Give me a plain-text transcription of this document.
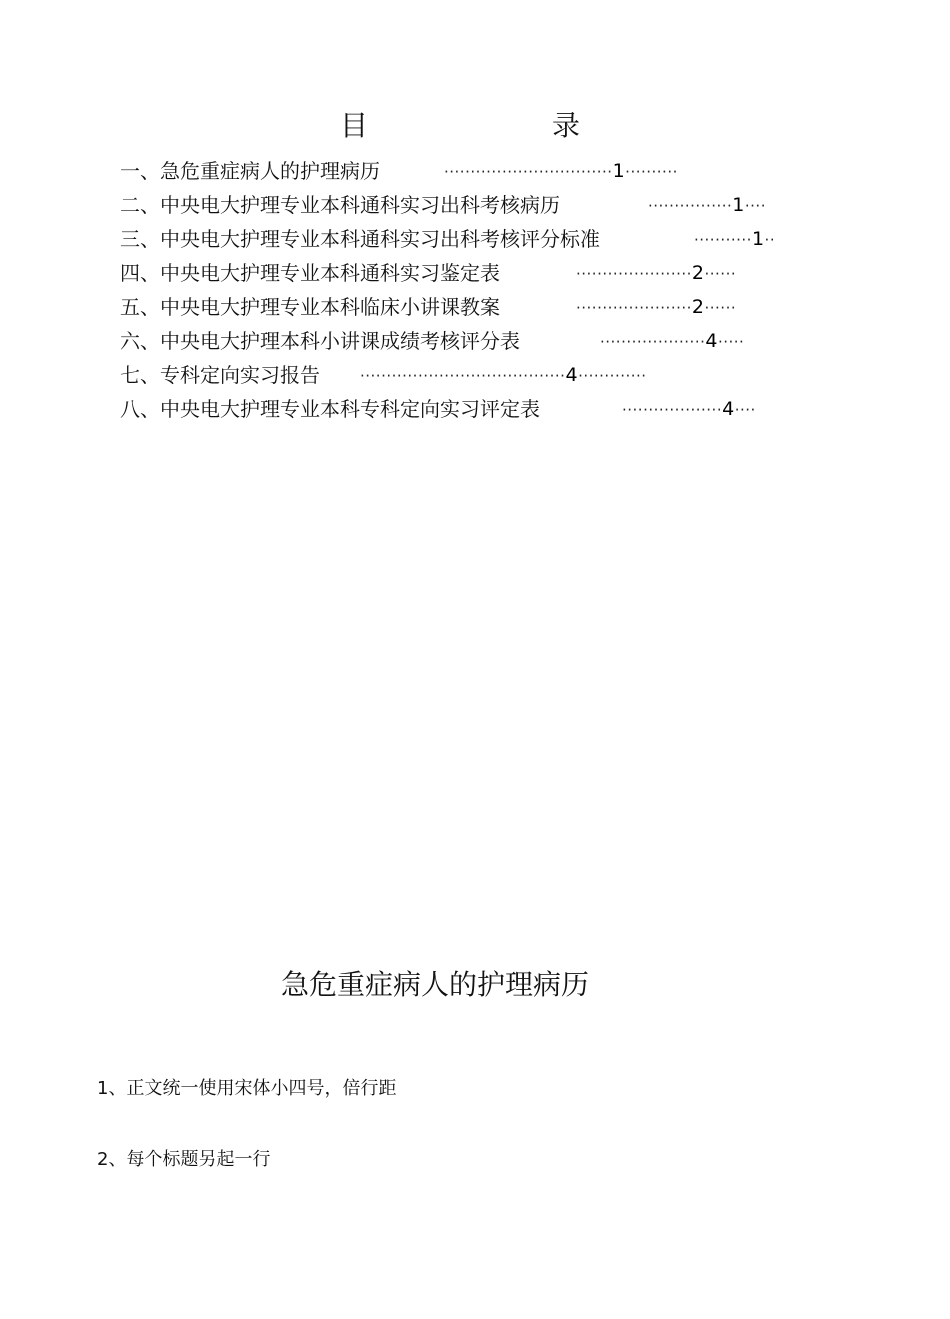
目	录
一、急危重症病人的护理病历	································1··········
二、中央电大护理专业本科通科实习出科考核病历	················1····
三、中央电大护理专业本科通科实习出科考核评分标准	···········1··
四、中央电大护理专业本科通科实习鉴定表	······················2······
五、中央电大护理专业本科临床小讲课教案	······················2······
六、中央电大护理本科小讲课成绩考核评分表	····················4·····
七、专科定向实习报告	·······································4·············
八、中央电大护理专业本科专科定向实习评定表	···················4····
急危重症病人的护理病历
1、正文统一使用宋体小四号，倍行距
2、每个标题另起一行
